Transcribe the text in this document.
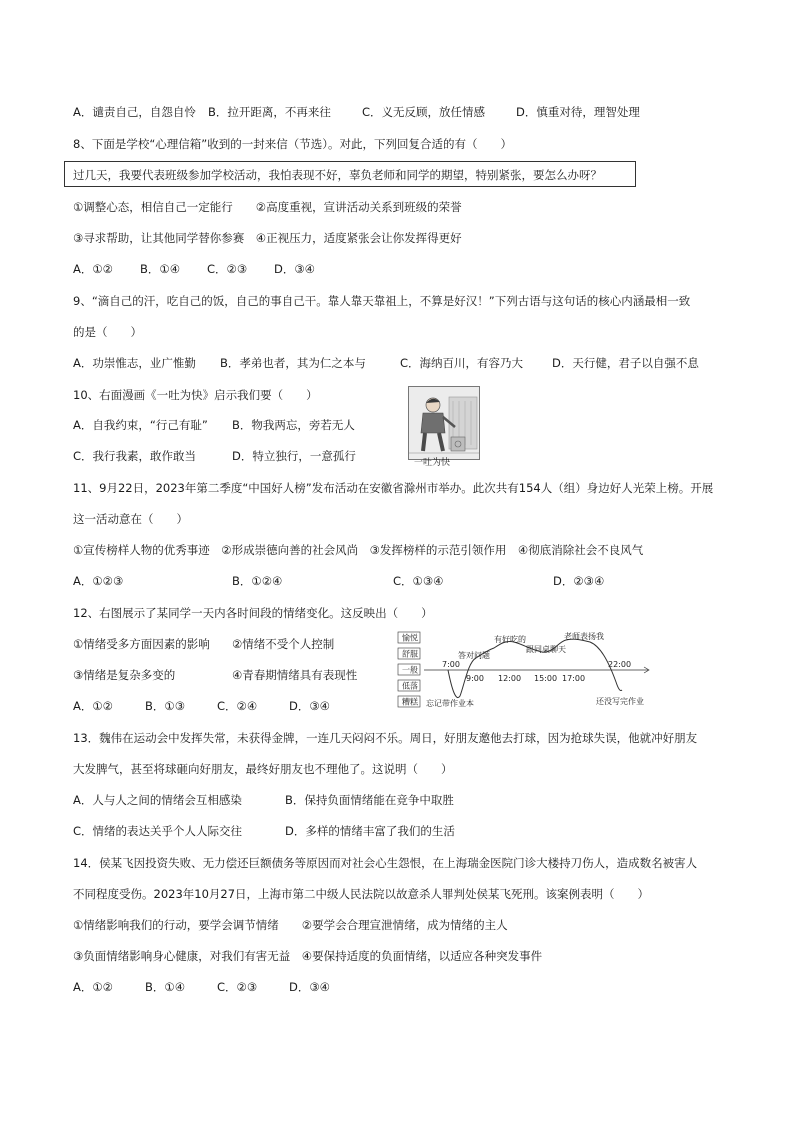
A．谴责自己，自怨自怜 B．拉开距离，不再来往	C．义无反顾，放任情感	D．慎重对待，理智处理
8、下面是学校“心理信箱”收到的一封来信（节选）。对此，下列回复合适的有（　　）
过几天，我要代表班级参加学校活动，我怕表现不好，辜负老师和同学的期望，特别紧张，要怎么办呀？
①调整心态，相信自己一定能行　　②高度重视，宣讲活动关系到班级的荣誉
③寻求帮助，让其他同学替你参赛　④正视压力，适度紧张会让你发挥得更好
A．①② B．①④ C．②③ D．③④
9、“滴自己的汗，吃自己的饭，自己的事自己干。靠人靠天靠祖上，不算是好汉！”下列古语与这句话的核心内涵最相一致
的是（　　）
A．功崇惟志，业广惟勤 B．孝弟也者，其为仁之本与	C．海纳百川，有容乃大	D．天行健，君子以自强不息
10、右面漫画《一吐为快》启示我们要（　　）
A．自我约束，“行己有耻” B．物我两忘，旁若无人
C．我行我素，敢作敢当	D．特立独行，一意孤行	一吐为快
11、9月22日，2023年第二季度“中国好人榜”发布活动在安徽省滁州市举办。此次共有154人（组）身边好人光荣上榜。开展
这一活动意在（　　）
①宣传榜样人物的优秀事迹　②形成崇德向善的社会风尚　③发挥榜样的示范引领作用　④彻底消除社会不良风气
A．①②③	B．①②④	C．①③④	D．②③④
12、右图展示了某同学一天内各时间段的情绪变化。这反映出（　　）
①情绪受多方面因素的影响 ②情绪不受个人控制
③情绪是复杂多变的	④青春期情绪具有表现性
A．①②	B．①③	C．②④	D．③④
愉悦
舒服
一般
低落
糟糕
7:00
9:00 12:00 15:00 17:00
22:00
答对问题
有好吃的
跟同桌聊天
老师表扬我
忘记带作业本	还没写完作业
13．魏伟在运动会中发挥失常，未获得金牌，一连几天闷闷不乐。周日，好朋友邀他去打球，因为抢球失误，他就冲好朋友
大发脾气，甚至将球砸向好朋友，最终好朋友也不理他了。这说明（　　）
A．人与人之间的情绪会互相感染	B．保持负面情绪能在竞争中取胜
C．情绪的表达关乎个人人际交往	D．多样的情绪丰富了我们的生活
14．侯某飞因投资失败、无力偿还巨额债务等原因而对社会心生怨恨，在上海瑞金医院门诊大楼持刀伤人，造成数名被害人
不同程度受伤。2023年10月27日，上海市第二中级人民法院以故意杀人罪判处侯某飞死刑。该案例表明（　　）
①情绪影响我们的行动，要学会调节情绪　　②要学会合理宣泄情绪，成为情绪的主人
③负面情绪影响身心健康，对我们有害无益　④要保持适度的负面情绪，以适应各种突发事件
A．①②	B．①④	C．②③	D．③④
